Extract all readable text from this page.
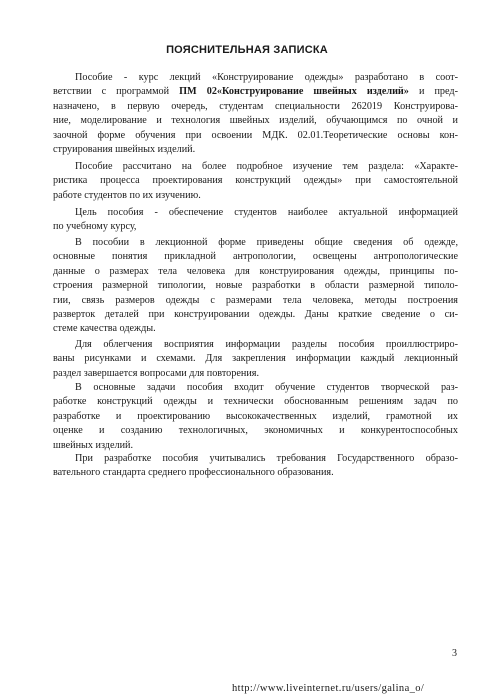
ПОЯСНИТЕЛЬНАЯ ЗАПИСКА
Пособие - курс лекций «Конструирование одежды» разработано в соот-
ветствии с программой ПМ 02«Конструирование швейных изделий» и пред-
назначено, в первую очередь, студентам специальности 262019 Конструирова-
ние, моделирование и технология швейных изделий, обучающимся по очной и
заочной форме обучения при освоении МДК. 02.01.Теоретические основы кон-
струирования швейных изделий.
Пособие рассчитано на более подробное изучение тем раздела: «Характе-
ристика процесса проектирования конструкций одежды» при самостоятельной
работе студентов по их изучению.
Цель пособия - обеспечение студентов наиболее актуальной информацией
по учебному курсу,
В пособии в лекционной форме приведены общие сведения об одежде,
основные понятия прикладной антропологии, освещены антропологические
данные о размерах тела человека для конструирования одежды, принципы по-
строения размерной типологии, новые разработки в области размерной типоло-
гии, связь размеров одежды с размерами тела человека, методы построения
разверток деталей при конструировании одежды. Даны краткие сведение о си-
стеме качества одежды.
Для облегчения восприятия информации разделы пособия проиллюстриро-
ваны рисунками и схемами. Для закрепления информации каждый лекционный
раздел завершается вопросами для повторения.
В основные задачи пособия входит обучение студентов творческой раз-
работке конструкций одежды и технически обоснованным решениям задач по
разработке и проектированию высококачественных изделий, грамотной их
оценке и созданию технологичных, экономичных и конкурентоспособных
швейных изделий.
При разработке пособия учитывались требования Государственного образо-
вательного стандарта среднего профессионального образования.
3
http://www.liveinternet.ru/users/galina_o/
